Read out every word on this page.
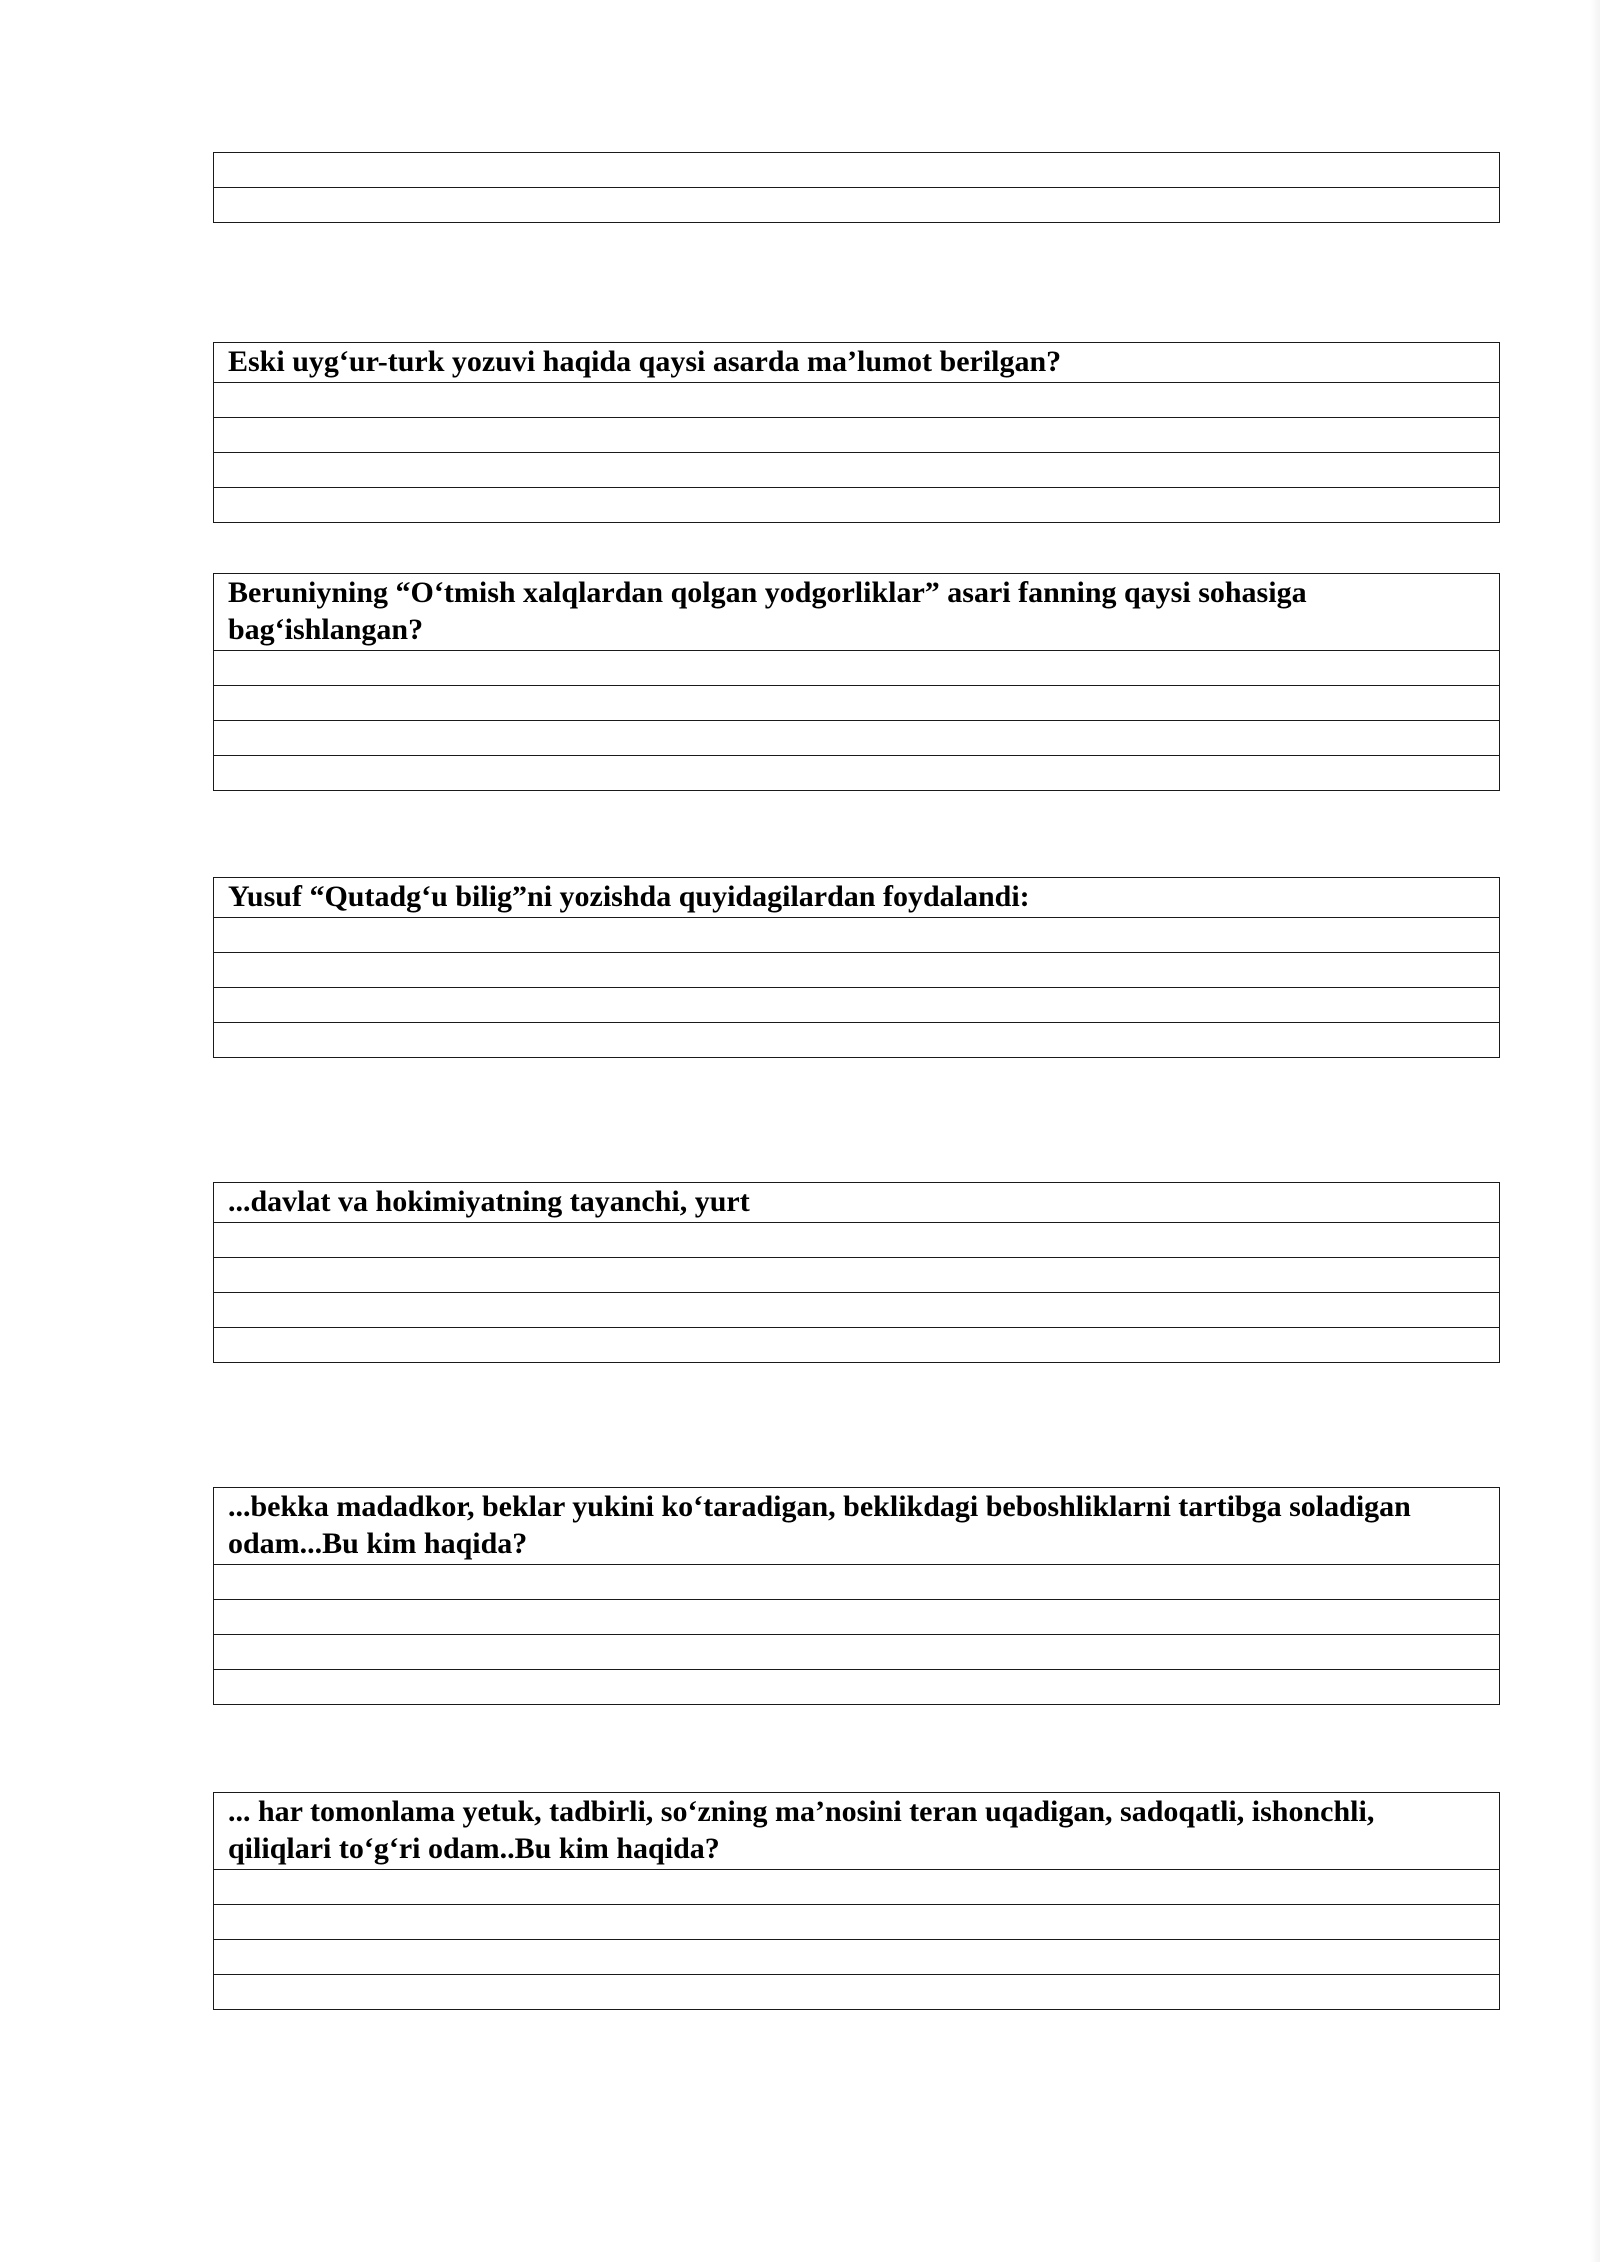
Eski uyg‘ur-turk yozuvi haqida qaysi asarda ma’lumot berilgan?

Beruniyning “O‘tmish xalqlardan qolgan yodgorliklar” asari fanning qaysi sohasiga bag‘ishlangan?

Yusuf “Qutadg‘u bilig”ni yozishda quyidagilardan foydalandi:

...davlat va hokimiyatning tayanchi, yurt

...bekka madadkor, beklar yukini ko‘taradigan, beklikdagi beboshliklarni tartibga soladigan odam...Bu kim haqida?

... har tomonlama yetuk, tadbirli, so‘zning ma’nosini teran uqadigan, sadoqatli, ishonchli, qiliqlari to‘g‘ri odam..Bu kim haqida?
